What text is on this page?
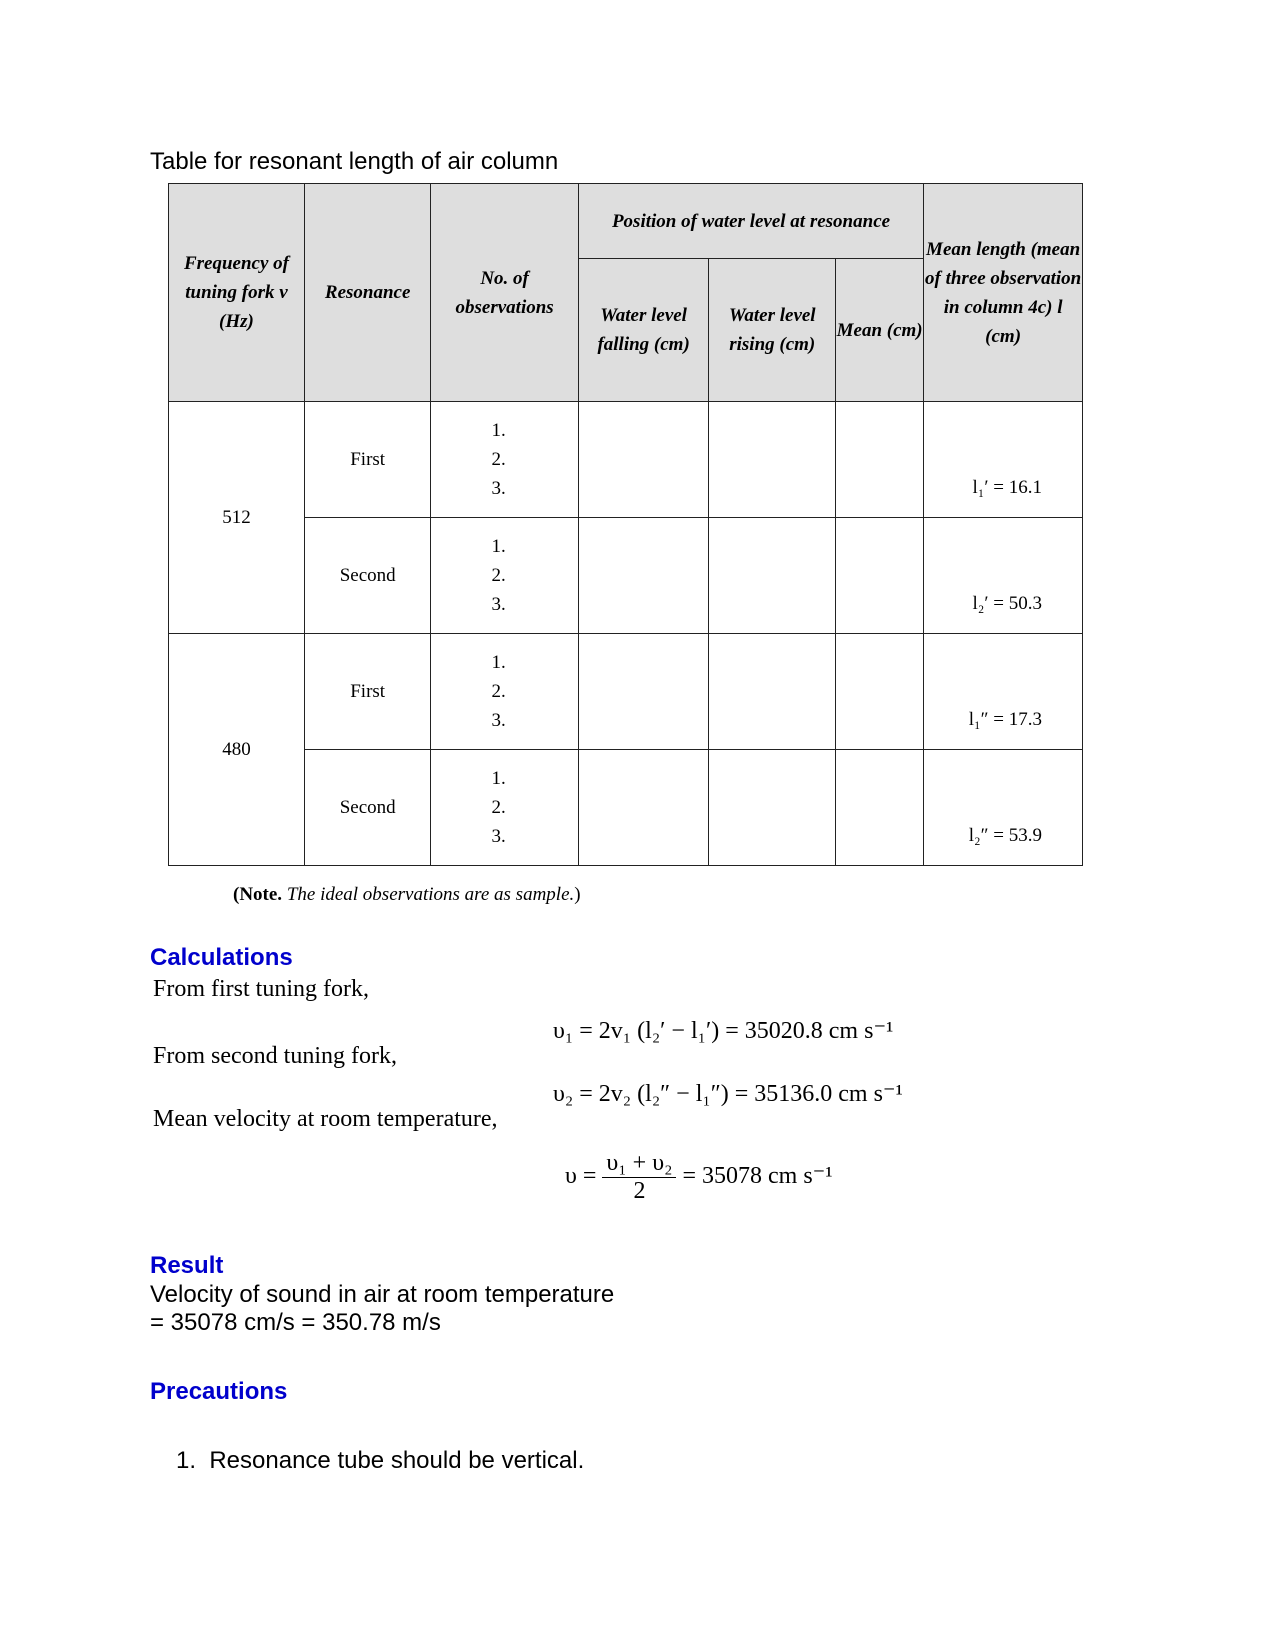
Table for resonant length of air column
Frequency of tuning fork v (Hz)	Resonance	No. of observations	Position of water level at resonance			Mean length (mean of three observation in column 4c) l (cm)
			Water level falling (cm)	Water level rising (cm)	Mean (cm)	
512	First	1.
2.
3.				l₁′ = 16.1
	Second	1.
2.
3.				l₂′ = 50.3
480	First	1.
2.
3.				l₁″ = 17.3
	Second	1.
2.
3.				l₂″ = 53.9
(Note. The ideal observations are as sample.)
Calculations
From first tuning fork,
υ₁ = 2v₁ (l₂′ − l₁′) = 35020.8 cm s⁻¹
From second tuning fork,
υ₂ = 2v₂ (l₂″ − l₁″) = 35136.0 cm s⁻¹
Mean velocity at room temperature,
$\upsilon = \frac{\text{υ₁ + υ₂}}{2} = 35078$ cm s⁻¹
Result
Velocity of sound in air at room temperature
= 35078 cm/s = 350.78 m/s
Precautions
1.  Resonance tube should be vertical.
